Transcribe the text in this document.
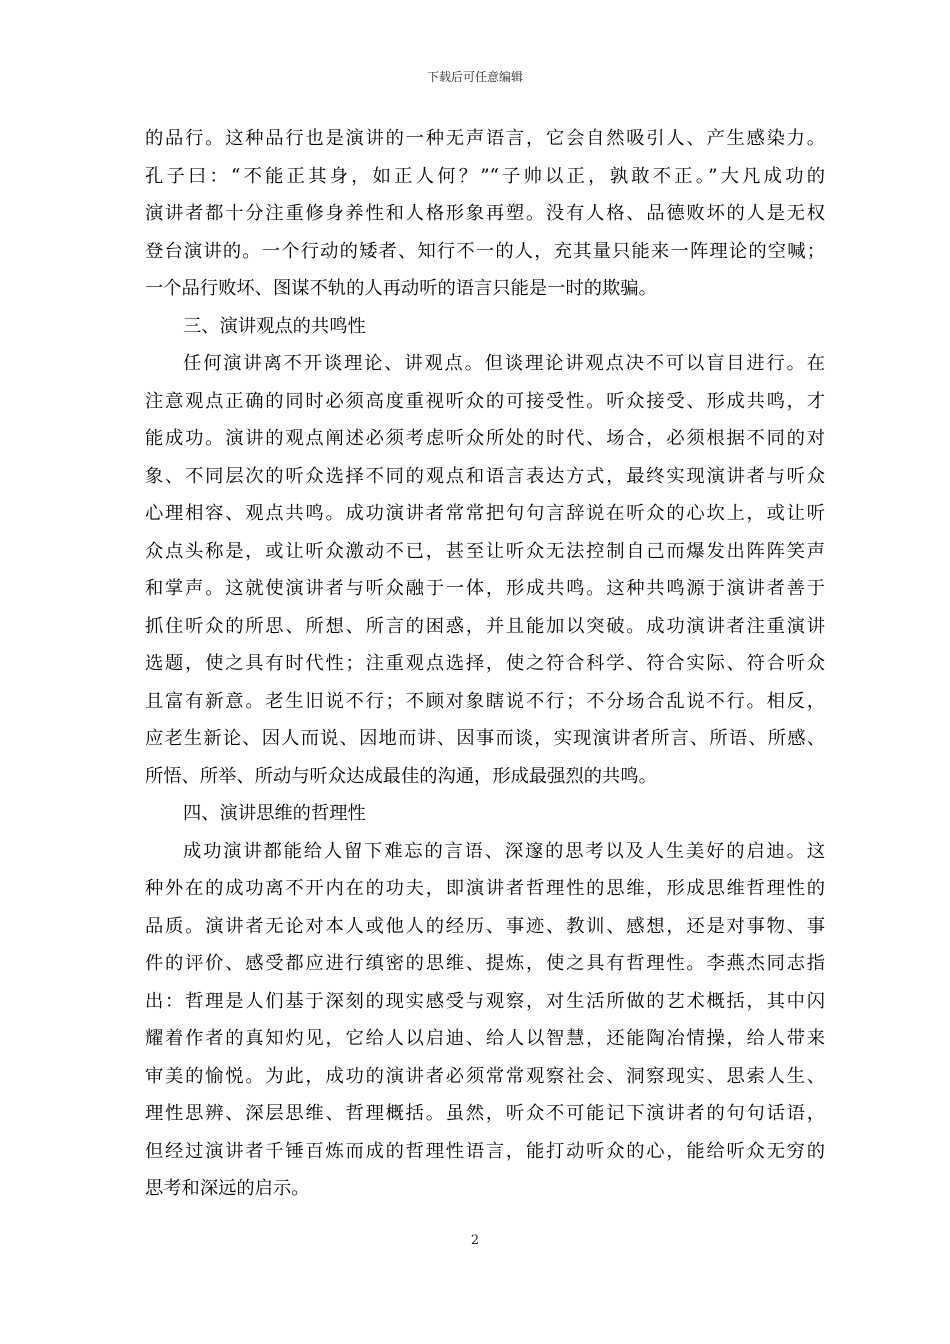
下载后可任意编辑
的品行。这种品行也是演讲的一种无声语言，它会自然吸引人、产生感染力。
孔子曰：“不能正其身，如正人何？”“子帅以正，孰敢不正。”大凡成功的
演讲者都十分注重修身养性和人格形象再塑。没有人格、品德败坏的人是无权
登台演讲的。一个行动的矮者、知行不一的人，充其量只能来一阵理论的空喊；
一个品行败坏、图谋不轨的人再动听的语言只能是一时的欺骗。
三、演讲观点的共鸣性
任何演讲离不开谈理论、讲观点。但谈理论讲观点决不可以盲目进行。在
注意观点正确的同时必须高度重视听众的可接受性。听众接受、形成共鸣，才
能成功。演讲的观点阐述必须考虑听众所处的时代、场合，必须根据不同的对
象、不同层次的听众选择不同的观点和语言表达方式，最终实现演讲者与听众
心理相容、观点共鸣。成功演讲者常常把句句言辞说在听众的心坎上，或让听
众点头称是，或让听众激动不已，甚至让听众无法控制自己而爆发出阵阵笑声
和掌声。这就使演讲者与听众融于一体，形成共鸣。这种共鸣源于演讲者善于
抓住听众的所思、所想、所言的困惑，并且能加以突破。成功演讲者注重演讲
选题，使之具有时代性；注重观点选择，使之符合科学、符合实际、符合听众
且富有新意。老生旧说不行；不顾对象瞎说不行；不分场合乱说不行。相反，
应老生新论、因人而说、因地而讲、因事而谈，实现演讲者所言、所语、所感、
所悟、所举、所动与听众达成最佳的沟通，形成最强烈的共鸣。
四、演讲思维的哲理性
成功演讲都能给人留下难忘的言语、深邃的思考以及人生美好的启迪。这
种外在的成功离不开内在的功夫，即演讲者哲理性的思维，形成思维哲理性的
品质。演讲者无论对本人或他人的经历、事迹、教训、感想，还是对事物、事
件的评价、感受都应进行缜密的思维、提炼，使之具有哲理性。李燕杰同志指
出：哲理是人们基于深刻的现实感受与观察，对生活所做的艺术概括，其中闪
耀着作者的真知灼见，它给人以启迪、给人以智慧，还能陶冶情操，给人带来
审美的愉悦。为此，成功的演讲者必须常常观察社会、洞察现实、思索人生、
理性思辨、深层思维、哲理概括。虽然，听众不可能记下演讲者的句句话语，
但经过演讲者千锤百炼而成的哲理性语言，能打动听众的心，能给听众无穷的
思考和深远的启示。
2
